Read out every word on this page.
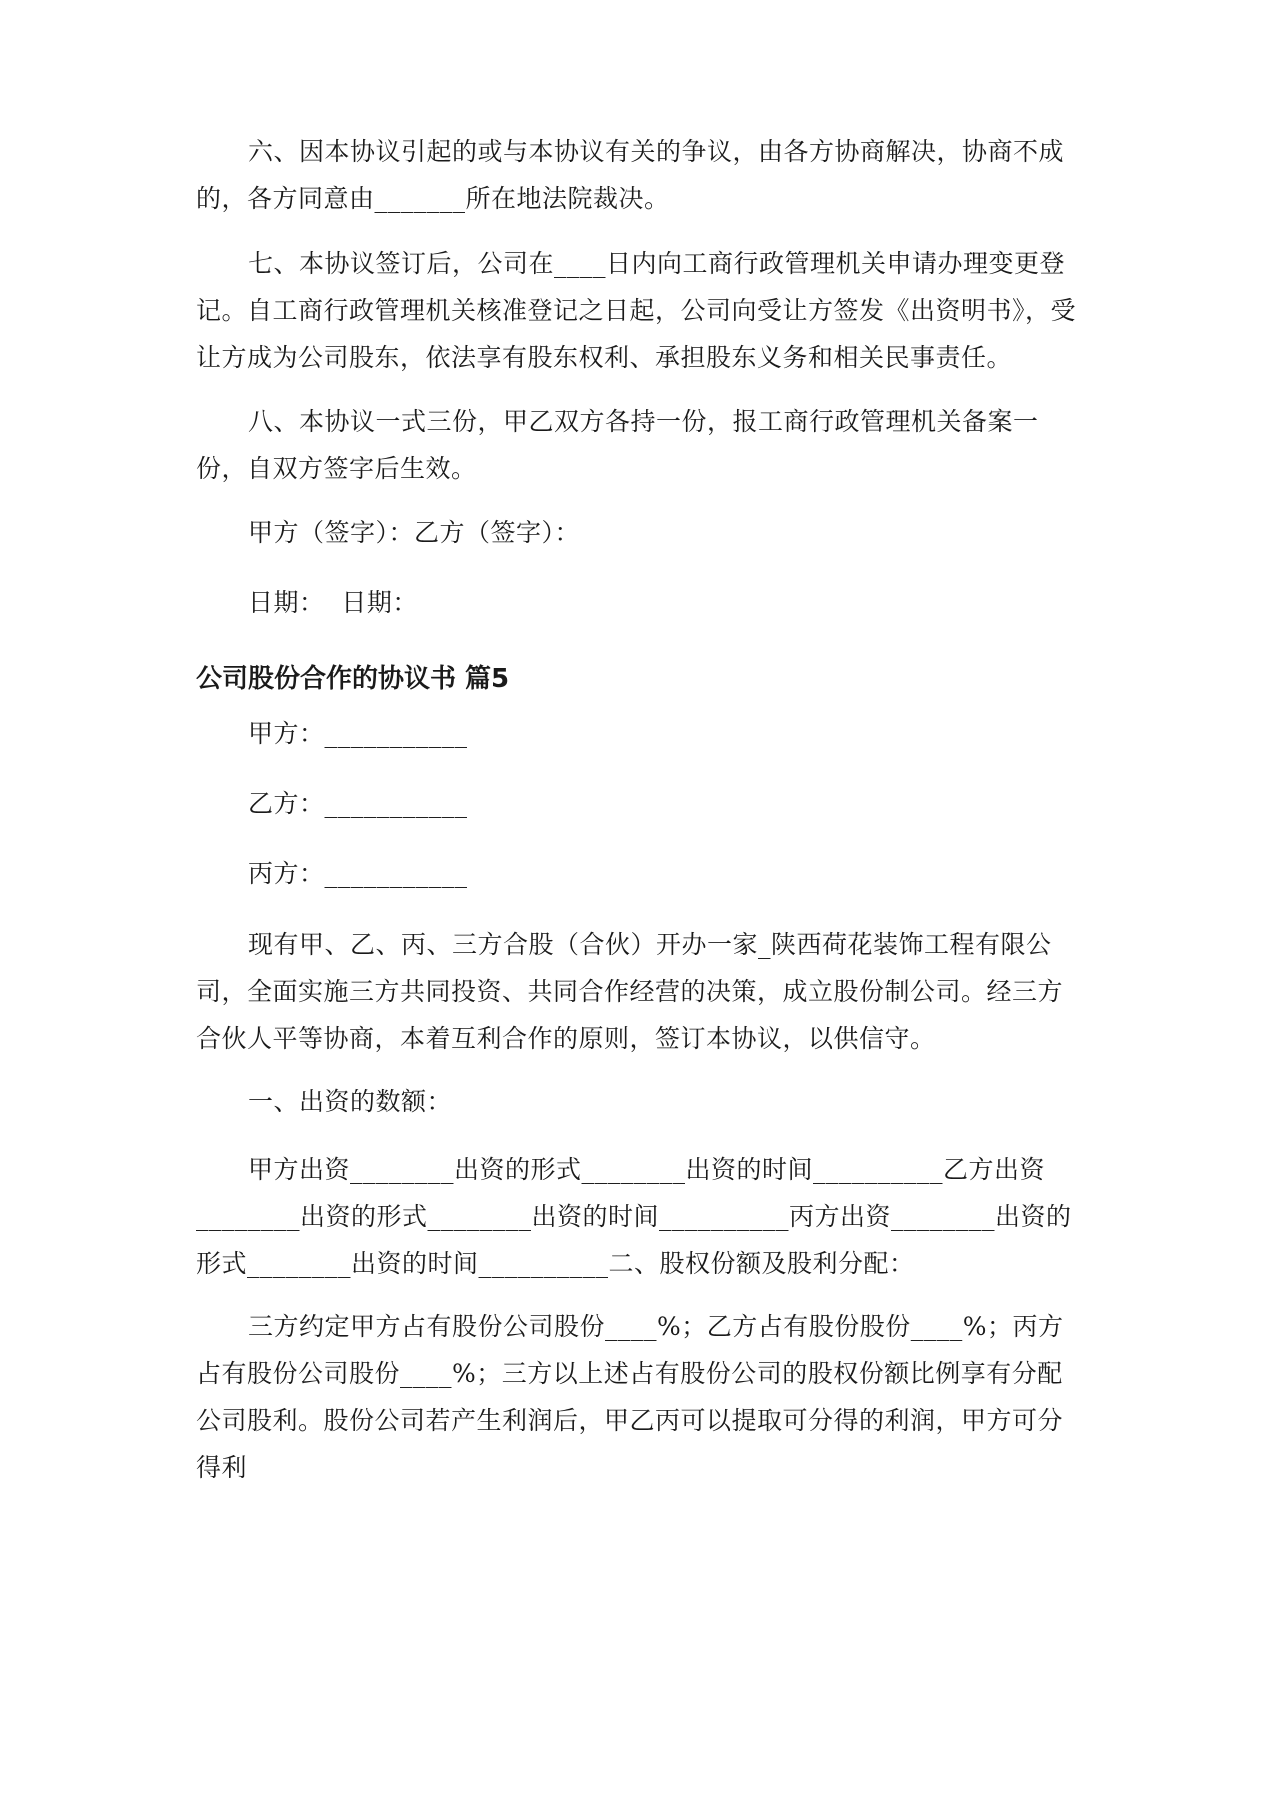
六、因本协议引起的或与本协议有关的争议，由各方协商解决，协商不成的，各方同意由_______所在地法院裁决。

七、本协议签订后，公司在____日内向工商行政管理机关申请办理变更登记。自工商行政管理机关核准登记之日起，公司向受让方签发《出资明书》，受让方成为公司股东，依法享有股东权利、承担股东义务和相关民事责任。

八、本协议一式三份，甲乙双方各持一份，报工商行政管理机关备案一份，自双方签字后生效。

甲方（签字）：乙方（签字）：

日期：  日期：

公司股份合作的协议书 篇5

甲方：___________

乙方：___________

丙方：___________

现有甲、乙、丙、三方合股（合伙）开办一家_陕西荷花装饰工程有限公司，全面实施三方共同投资、共同合作经营的决策，成立股份制公司。经三方合伙人平等协商，本着互利合作的原则，签订本协议，以供信守。

一、出资的数额：

甲方出资________出资的形式________出资的时间__________乙方出资________出资的形式________出资的时间__________丙方出资________出资的形式________出资的时间__________二、股权份额及股利分配：

三方约定甲方占有股份公司股份____%；乙方占有股份股份____%；丙方占有股份公司股份____%；三方以上述占有股份公司的股权份额比例享有分配公司股利。股份公司若产生利润后，甲乙丙可以提取可分得的利润，甲方可分得利
